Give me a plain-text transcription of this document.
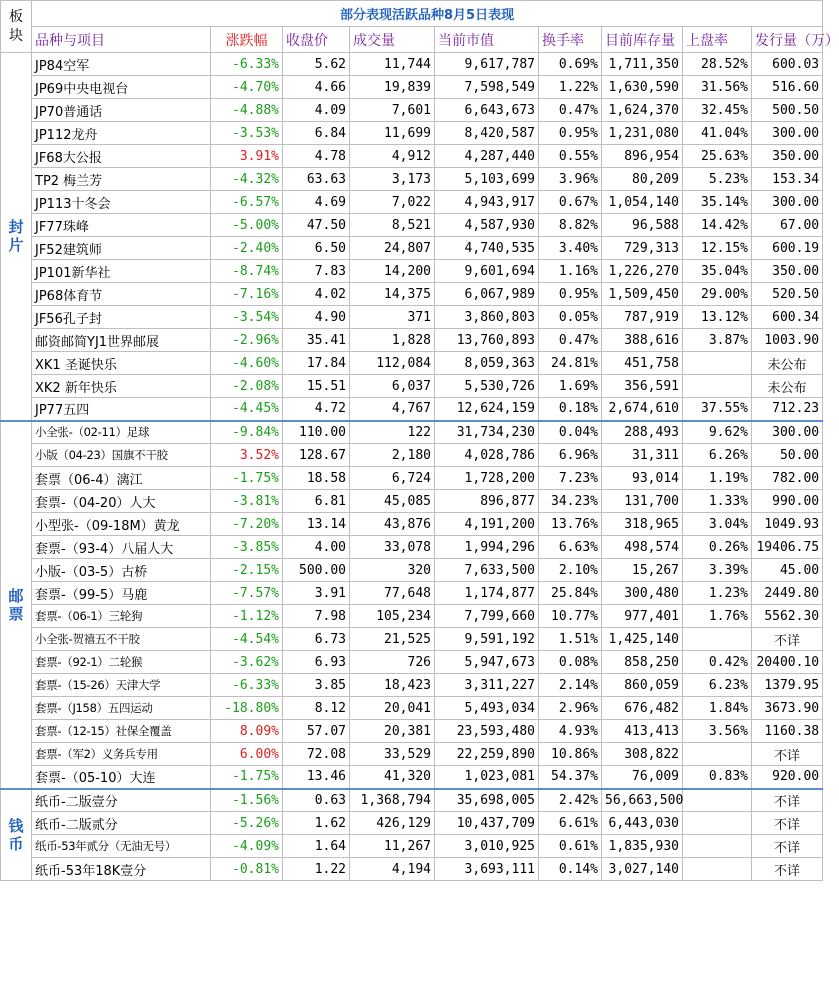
板块	部分表现活跃品种8月5日表现								
	品种与项目	涨跌幅	收盘价	成交量	当前市值	换手率	目前库存量	上盘率	发行量（万）
封片	JP84空军	-6.33%	5.62	11,744	9,617,787	0.69%	1,711,350	28.52%	600.03
	JP69中央电视台	-4.70%	4.66	19,839	7,598,549	1.22%	1,630,590	31.56%	516.60
	JP70普通话	-4.88%	4.09	7,601	6,643,673	0.47%	1,624,370	32.45%	500.50
	JP112龙舟	-3.53%	6.84	11,699	8,420,587	0.95%	1,231,080	41.04%	300.00
	JF68大公报	3.91%	4.78	4,912	4,287,440	0.55%	896,954	25.63%	350.00
	TP2 梅兰芳	-4.32%	63.63	3,173	5,103,699	3.96%	80,209	5.23%	153.34
	JP113十冬会	-6.57%	4.69	7,022	4,943,917	0.67%	1,054,140	35.14%	300.00
	JF77珠峰	-5.00%	47.50	8,521	4,587,930	8.82%	96,588	14.42%	67.00
	JF52建筑师	-2.40%	6.50	24,807	4,740,535	3.40%	729,313	12.15%	600.19
	JP101新华社	-8.74%	7.83	14,200	9,601,694	1.16%	1,226,270	35.04%	350.00
	JP68体育节	-7.16%	4.02	14,375	6,067,989	0.95%	1,509,450	29.00%	520.50
	JF56孔子封	-3.54%	4.90	371	3,860,803	0.05%	787,919	13.12%	600.34
	邮资邮简YJ1世界邮展	-2.96%	35.41	1,828	13,760,893	0.47%	388,616	3.87%	1003.90
	XK1 圣诞快乐	-4.60%	17.84	112,084	8,059,363	24.81%	451,758		未公布
	XK2 新年快乐	-2.08%	15.51	6,037	5,530,726	1.69%	356,591		未公布
	JP77五四	-4.45%	4.72	4,767	12,624,159	0.18%	2,674,610	37.55%	712.23
邮票	小全张-（02-11）足球	-9.84%	110.00	122	31,734,230	0.04%	288,493	9.62%	300.00
	小版（04-23）国旗不干胶	3.52%	128.67	2,180	4,028,786	6.96%	31,311	6.26%	50.00
	套票（06-4）漓江	-1.75%	18.58	6,724	1,728,200	7.23%	93,014	1.19%	782.00
	套票-（04-20）人大	-3.81%	6.81	45,085	896,877	34.23%	131,700	1.33%	990.00
	小型张-（09-18M）黄龙	-7.20%	13.14	43,876	4,191,200	13.76%	318,965	3.04%	1049.93
	套票-（93-4）八届人大	-3.85%	4.00	33,078	1,994,296	6.63%	498,574	0.26%	19406.75
	小版-（03-5）古桥	-2.15%	500.00	320	7,633,500	2.10%	15,267	3.39%	45.00
	套票-（99-5）马鹿	-7.57%	3.91	77,648	1,174,877	25.84%	300,480	1.23%	2449.80
	套票-（06-1）三轮狗	-1.12%	7.98	105,234	7,799,660	10.77%	977,401	1.76%	5562.30
	小全张-贺禧五不干胶	-4.54%	6.73	21,525	9,591,192	1.51%	1,425,140		不详
	套票-（92-1）二轮猴	-3.62%	6.93	726	5,947,673	0.08%	858,250	0.42%	20400.10
	套票-（15-26）天津大学	-6.33%	3.85	18,423	3,311,227	2.14%	860,059	6.23%	1379.95
	套票-（J158）五四运动	-18.80%	8.12	20,041	5,493,034	2.96%	676,482	1.84%	3673.90
	套票-（12-15）社保全覆盖	8.09%	57.07	20,381	23,593,480	4.93%	413,413	3.56%	1160.38
	套票-（军2）义务兵专用	6.00%	72.08	33,529	22,259,890	10.86%	308,822		不详
	套票-（05-10）大连	-1.75%	13.46	41,320	1,023,081	54.37%	76,009	0.83%	920.00
钱币	纸币-二版壹分	-1.56%	0.63	1,368,794	35,698,005	2.42%	56,663,500		不详
	纸币-二版贰分	-5.26%	1.62	426,129	10,437,709	6.61%	6,443,030		不详
	纸币-53年贰分（无油无号）	-4.09%	1.64	11,267	3,010,925	0.61%	1,835,930		不详
	纸币-53年18K壹分	-0.81%	1.22	4,194	3,693,111	0.14%	3,027,140		不详
